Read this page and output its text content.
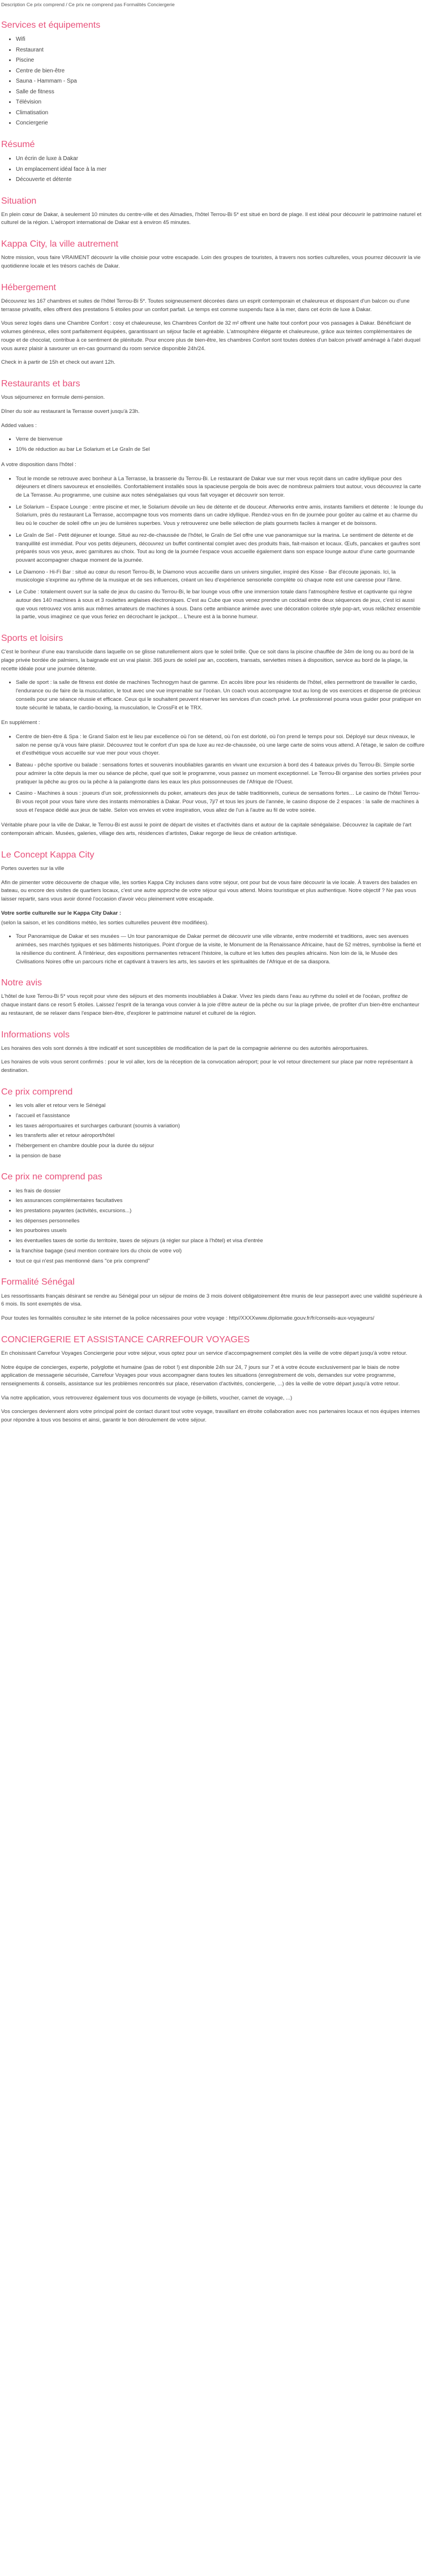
Description Ce prix comprend / Ce prix ne comprend pas Formalités Conciergerie
Services et équipements
• Wifi
• Restaurant
• Piscine
• Centre de bien-être
• Sauna - Hammam - Spa
• Salle de fitness
• Télévision
• Climatisation
• Conciergerie
Résumé
• Un écrin de luxe à Dakar
• Un emplacement idéal face à la mer
• Découverte et détente
Situation

En plein cœur de Dakar, à seulement 10 minutes du centre-ville et des Almadies, l'hôtel Terrou-Bi 5* est situé en bord de plage. Il est idéal pour découvrir le patrimoine naturel et culturel de la région. L'aéroport international de Dakar est à environ 45 minutes.

Kappa City, la ville autrement

Notre mission, vous faire VRAIMENT découvrir la ville choisie pour votre escapade. Loin des groupes de touristes, à travers nos sorties culturelles, vous pourrez découvrir la vie quotidienne locale et les trésors cachés de Dakar.

Hébergement

Découvrez les 167 chambres et suites de l'hôtel Terrou-Bi 5*. Toutes soigneusement décorées dans un esprit contemporain et chaleureux et disposant d'un balcon ou d'une terrasse privatifs, elles offrent des prestations 5 étoiles pour un confort parfait. Le temps est comme suspendu face à la mer, dans cet écrin de luxe à Dakar.

Vous serez logés dans une Chambre Confort : cosy et chaleureuse, les Chambres Confort de 32 m² offrent une halte tout confort pour vos passages à Dakar. Bénéficiant de volumes généreux, elles sont parfaitement équipées, garantissant un séjour facile et agréable. L'atmosphère élégante et chaleureuse, grâce aux teintes complémentaires de rouge et de chocolat, contribue à ce sentiment de plénitude. Pour encore plus de bien-être, les chambres Confort sont toutes dotées d'un balcon privatif aménagé à l'abri duquel vous aurez plaisir à savourer un en-cas gourmand du room service disponible 24h/24.

Check in à partir de 15h et check out avant 12h.

Restaurants et bars

Vous séjournerez en formule demi-pension.

Dîner du soir au restaurant la Terrasse ouvert jusqu'à 23h.

Added values :

• Verre de bienvenue
• 10% de réduction au bar Le Solarium et Le Graîn de Sel

A votre disposition dans l'hôtel :

• Tout le monde se retrouve avec bonheur à La Terrasse, la brasserie du Terrou-Bi. Le restaurant de Dakar vue sur mer vous reçoit dans un cadre idyllique pour des déjeuners et dîners savoureux et ensoleillés. Confortablement installés sous la spacieuse pergola de bois avec de nombreux palmiers tout autour, vous découvrez la carte de La Terrasse. Au programme, une cuisine aux notes sénégalaises qui vous fait voyager et découvrir son terroir.
• Le Solarium – Espace Lounge : entre piscine et mer, le Solarium dévoile un lieu de détente et de douceur. Afterworks entre amis, instants familiers et détente : le lounge du Solarium, près du restaurant La Terrasse, accompagne tous vos moments dans un cadre idyllique. Rendez-vous en fin de journée pour goûter au calme et au charme du lieu où le coucher de soleil offre un jeu de lumières superbes. Vous y retrouverez une belle sélection de plats gourmets faciles à manger et de boissons.
• Le Graîn de Sel - Petit déjeuner et lounge. Situé au rez-de-chaussée de l'hôtel, le Graîn de Sel offre une vue panoramique sur la marina. Le sentiment de détente et de tranquillité est immédiat. Pour vos petits déjeuners, découvrez un buffet continental complet avec des produits frais, fait-maison et locaux. Œufs, pancakes et gaufres sont préparés sous vos yeux, avec garnitures au choix. Tout au long de la journée l'espace vous accueille également dans son espace lounge autour d'une carte gourmande pouvant accompagner chaque moment de la journée.
• Le Diamono - Hi-Fi Bar : situé au cœur du resort Terrou-Bi, le Diamono vous accueille dans un univers singulier, inspiré des Kisse - Bar d'écoute japonais. Ici, la musicologie s'exprime au rythme de la musique et de ses influences, créant un lieu d'expérience sensorielle complète où chaque note est une caresse pour l'âme.
• Le Cube : totalement ouvert sur la salle de jeux du casino du Terrou-Bi, le bar lounge vous offre une immersion totale dans l'atmosphère festive et captivante qui règne autour des 140 machines à sous et 3 roulettes anglaises électroniques. C'est au Cube que vous venez prendre un cocktail entre deux séquences de jeux, c'est ici aussi que vous retrouvez vos amis aux mêmes amateurs de machines à sous. Dans cette ambiance animée avec une décoration colorée style pop-art, vous relâchez ensemble la partie, vous imaginez ce que vous feriez en décrochant le jackpot… L'heure est à la bonne humeur.
Sports et loisirs

C'est le bonheur d'une eau translucide dans laquelle on se glisse naturellement alors que le soleil brille. Que ce soit dans la piscine chauffée de 34m de long ou au bord de la plage privée bordée de palmiers, la baignade est un vrai plaisir. 365 jours de soleil par an, cocotiers, transats, serviettes mises à disposition, service au bord de la plage, la recette idéale pour une journée détente.

• Salle de sport : la salle de fitness est dotée de machines Technogym haut de gamme. En accès libre pour les résidents de l'hôtel, elles permettront de travailler le cardio, l'endurance ou de faire de la musculation, le tout avec une vue imprenable sur l'océan. Un coach vous accompagne tout au long de vos exercices et dispense de précieux conseils pour une séance réussie et efficace. Ceux qui le souhaitent peuvent réserver les services d'un coach privé. Le professionnel pourra vous guider pour pratiquer en toute sécurité le tabata, le cardio-boxing, la musculation, le CrossFit et le TRX.

En supplément :

• Centre de bien-être & Spa : le Grand Salon est le lieu par excellence où l'on se détend, où l'on est dorloté, où l'on prend le temps pour soi. Déployé sur deux niveaux, le salon ne pense qu'à vous faire plaisir. Découvrez tout le confort d'un spa de luxe au rez-de-chaussée, où une large carte de soins vous attend. A l'étage, le salon de coiffure et d'esthétique vous accueille sur vue mer pour vous choyer.
• Bateau - pêche sportive ou balade : sensations fortes et souvenirs inoubliables garantis en vivant une excursion à bord des 4 bateaux privés du Terrou-Bi. Simple sortie pour admirer la côte depuis la mer ou séance de pêche, quel que soit le programme, vous passez un moment exceptionnel. Le Terrou-Bi organise des sorties privées pour pratiquer la pêche au gros ou la pêche à la palangrotte dans les eaux les plus poissonneuses de l'Afrique de l'Ouest.
• Casino - Machines à sous : joueurs d'un soir, professionnels du poker, amateurs des jeux de table traditionnels, curieux de sensations fortes… Le casino de l'hôtel Terrou-Bi vous reçoit pour vous faire vivre des instants mémorables à Dakar. Pour vous, 7j/7 et tous les jours de l'année, le casino dispose de 2 espaces : la salle de machines à sous et l'espace dédié aux jeux de table. Selon vos envies et votre inspiration, vous allez de l'un à l'autre au fil de votre soirée.

Véritable phare pour la ville de Dakar, le Terrou-Bi est aussi le point de départ de visites et d'activités dans et autour de la capitale sénégalaise. Découvrez la capitale de l'art contemporain africain. Musées, galeries, village des arts, résidences d'artistes, Dakar regorge de lieux de création artistique.

Le Concept Kappa City

Portes ouvertes sur la ville

Afin de pimenter votre découverte de chaque ville, les sorties Kappa City incluses dans votre séjour, ont pour but de vous faire découvrir la vie locale. À travers des balades en bateau, ou encore des visites de quartiers locaux, c'est une autre approche de votre séjour qui vous attend. Moins touristique et plus authentique. Notre objectif ? Ne pas vous laisser repartir, sans vous avoir donné l'occasion d'avoir vécu pleinement votre escapade.

Votre sortie culturelle sur le Kappa City Dakar :

(selon la saison, et les conditions météo, les sorties culturelles peuvent être modifiées).

• Tour Panoramique de Dakar et ses musées — Un tour panoramique de Dakar permet de découvrir une ville vibrante, entre modernité et traditions, avec ses avenues animées, ses marchés typiques et ses bâtiments historiques. Point d'orgue de la visite, le Monument de la Renaissance Africaine, haut de 52 mètres, symbolise la fierté et la résilience du continent. À l'intérieur, des expositions permanentes retracent l'histoire, la culture et les luttes des peuples africains. Non loin de là, le Musée des Civilisations Noires offre un parcours riche et captivant à travers les arts, les savoirs et les spiritualités de l'Afrique et de sa diaspora.
Notre avis

L'hôtel de luxe Terrou-Bi 5* vous reçoit pour vivre des séjours et des moments inoubliables à Dakar. Vivez les pieds dans l'eau au rythme du soleil et de l'océan, profitez de chaque instant dans ce resort 5 étoiles. Laissez l'esprit de la teranga vous convier à la joie d'être auteur de la pêche ou sur la plage privée, de profiter d'un bien-être enchanteur au restaurant, de se relaxer dans l'espace bien-être, d'explorer le patrimoine naturel et culturel de la région.

Informations vols

Les horaires des vols sont donnés à titre indicatif et sont susceptibles de modification de la part de la compagnie aérienne ou des autorités aéroportuaires.

Les horaires de vols vous seront confirmés : pour le vol aller, lors de la réception de la convocation aéroport; pour le vol retour directement sur place par notre représentant à destination.

Ce prix comprend
• les vols aller et retour vers le Sénégal
• l'accueil et l'assistance
• les taxes aéroportuaires et surcharges carburant (soumis à variation)
• les transferts aller et retour aéroport/hôtel
• l'hébergement en chambre double pour la durée du séjour
• la pension de base
Ce prix ne comprend pas
• les frais de dossier
• les assurances complémentaires facultatives
• les prestations payantes (activités, excursions...)
• les dépenses personnelles
• les pourboires usuels
• les éventuelles taxes de sortie du territoire, taxes de séjours (à régler sur place à l'hôtel) et visa d'entrée
• la franchise bagage (seul mention contraire lors du choix de votre vol)
• tout ce qui n'est pas mentionné dans "ce prix comprend"
Formalité Sénégal

Les ressortissants français désirant se rendre au Sénégal pour un séjour de moins de 3 mois doivent obligatoirement être munis de leur passeport avec une validité supérieure à 6 mois. Ils sont exemptés de visa.

Pour toutes les formalités consultez le site internet de la police nécessaires pour votre voyage : http//XXXXwww.diplomatie.gouv.fr/fr/conseils-aux-voyageurs/

CONCIERGERIE ET ASSISTANCE CARREFOUR VOYAGES

En choisissant Carrefour Voyages Conciergerie pour votre séjour, vous optez pour un service d'accompagnement complet dès la veille de votre départ jusqu'à votre retour.

Notre équipe de concierges, experte, polyglotte et humaine (pas de robot !) est disponible 24h sur 24, 7 jours sur 7 et à votre écoute exclusivement par le biais de notre application de messagerie sécurisée, Carrefour Voyages pour vous accompagner dans toutes les situations (enregistrement de vols, demandes sur votre programme, renseignements & conseils, assistance sur les problèmes rencontrés sur place, réservation d'activités, conciergerie, ...) dès la veille de votre départ jusqu'à votre retour.

Via notre application, vous retrouverez également tous vos documents de voyage (e-billets, voucher, carnet de voyage, ...)

Vos concierges deviennent alors votre principal point de contact durant tout votre voyage, travaillant en étroite collaboration avec nos partenaires locaux et nos équipes internes pour répondre à tous vos besoins et ainsi, garantir le bon déroulement de votre séjour.
